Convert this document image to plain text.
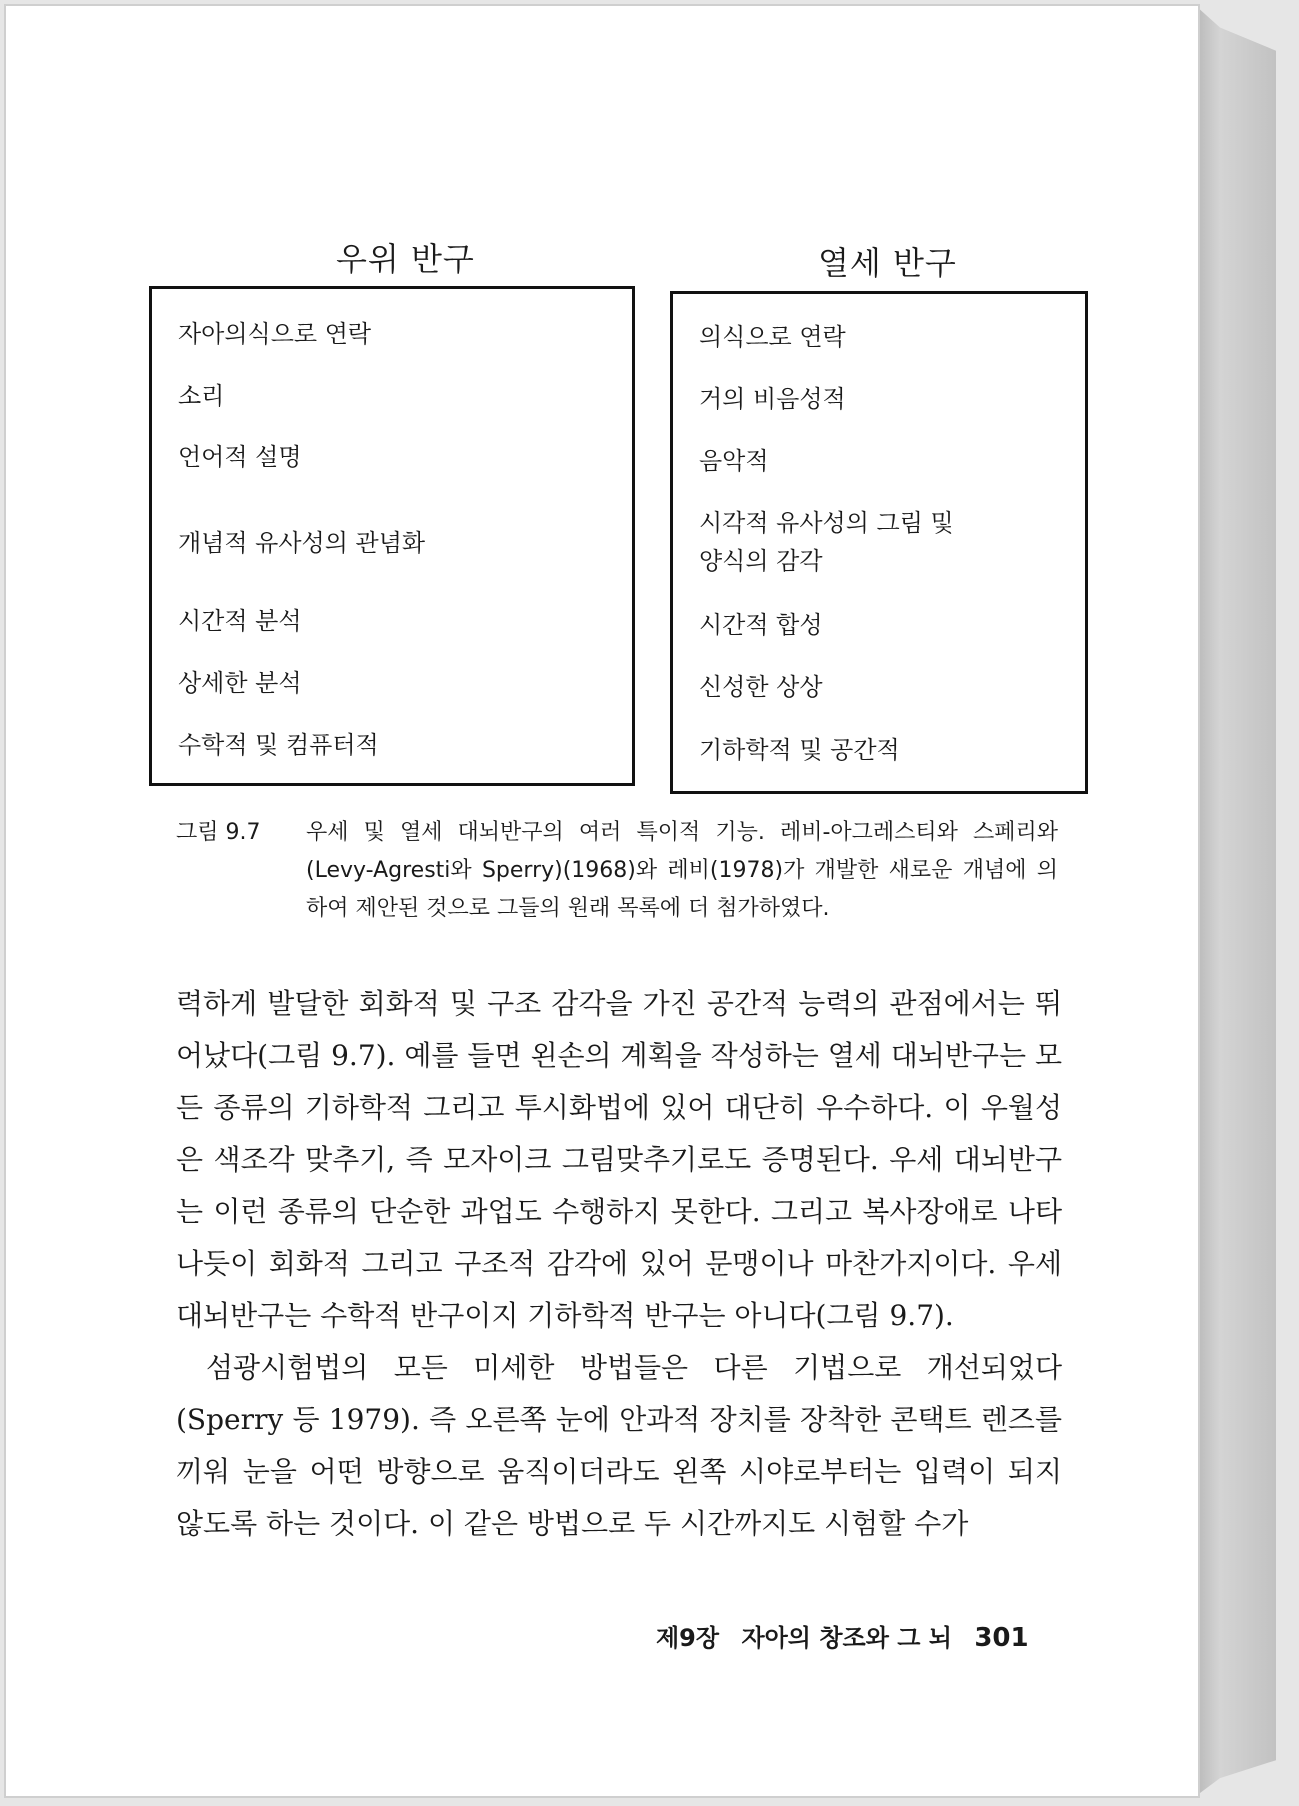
우위 반구	열세 반구
자아의식으로 연락
소리
언어적 설명
개념적 유사성의 관념화
시간적 분석
상세한 분석
수학적 및 컴퓨터적
의식으로 연락
거의 비음성적
음악적
시각적 유사성의 그림 및
양식의 감각
시간적 합성
신성한 상상
기하학적 및 공간적
그림 9.7 우세 및 열세 대뇌반구의 여러 특이적 기능. 레비-아그레스티와 스페리와(Levy-Agresti와 Sperry)(1968)와 레비(1978)가 개발한 새로운 개념에 의하여 제안된 것으로 그들의 원래 목록에 더 첨가하였다.

력하게 발달한 회화적 및 구조 감각을 가진 공간적 능력의 관점에서는 뛰어났다(그림 9.7). 예를 들면 왼손의 계획을 작성하는 열세 대뇌반구는 모든 종류의 기하학적 그리고 투시화법에 있어 대단히 우수하다. 이 우월성은 색조각 맞추기, 즉 모자이크 그림맞추기로도 증명된다. 우세 대뇌반구는 이런 종류의 단순한 과업도 수행하지 못한다. 그리고 복사장애로 나타나듯이 회화적 그리고 구조적 감각에 있어 문맹이나 마찬가지이다. 우세 대뇌반구는 수학적 반구이지 기하학적 반구는 아니다(그림 9.7).

섬광시험법의 모든 미세한 방법들은 다른 기법으로 개선되었다(Sperry 등 1979). 즉 오른쪽 눈에 안과적 장치를 장착한 콘택트 렌즈를 끼워 눈을 어떤 방향으로 움직이더라도 왼쪽 시야로부터는 입력이 되지 않도록 하는 것이다. 이 같은 방법으로 두 시간까지도 시험할 수가

제9장 자아의 창조와 그 뇌 301
